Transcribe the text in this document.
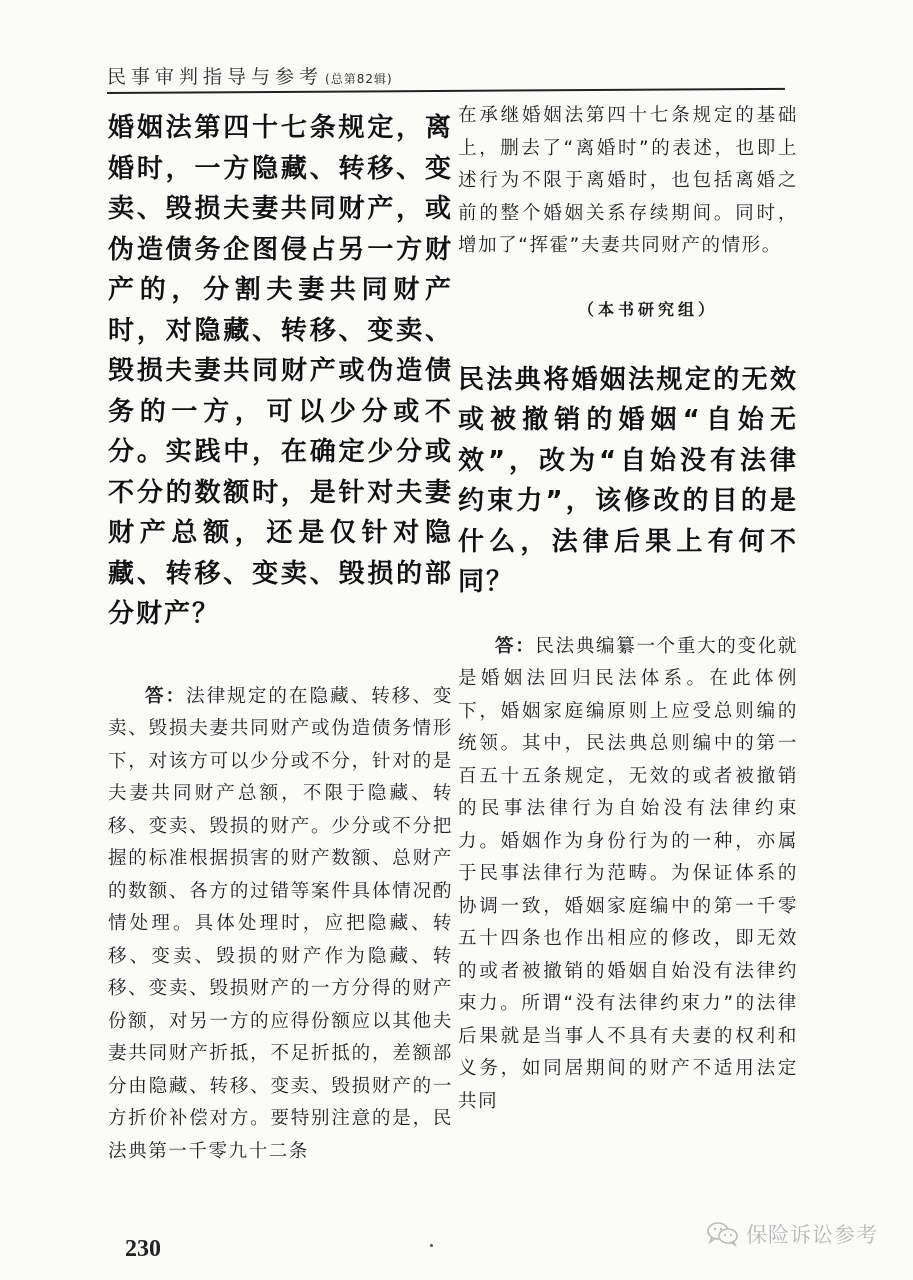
民事审判指导与参考 (总第82辑)

婚姻法第四十七条规定，离婚时，一方隐藏、转移、变卖、毁损夫妻共同财产，或伪造债务企图侵占另一方财产的，分割夫妻共同财产时，对隐藏、转移、变卖、毁损夫妻共同财产或伪造债务的一方，可以少分或不分。实践中，在确定少分或不分的数额时，是针对夫妻财产总额，还是仅针对隐藏、转移、变卖、毁损的部分财产？

答：法律规定的在隐藏、转移、变卖、毁损夫妻共同财产或伪造债务情形下，对该方可以少分或不分，针对的是夫妻共同财产总额，不限于隐藏、转移、变卖、毁损的财产。少分或不分把握的标准根据损害的财产数额、总财产的数额、各方的过错等案件具体情况酌情处理。具体处理时，应把隐藏、转移、变卖、毁损的财产作为隐藏、转移、变卖、毁损财产的一方分得的财产份额，对另一方的应得份额应以其他夫妻共同财产折抵，不足折抵的，差额部分由隐藏、转移、变卖、毁损财产的一方折价补偿对方。要特别注意的是，民法典第一千零九十二条

在承继婚姻法第四十七条规定的基础上，删去了“离婚时”的表述，也即上述行为不限于离婚时，也包括离婚之前的整个婚姻关系存续期间。同时，增加了“挥霍”夫妻共同财产的情形。

（本书研究组）

民法典将婚姻法规定的无效或被撤销的婚姻“自始无效”，改为“自始没有法律约束力”，该修改的目的是什么，法律后果上有何不同？

答：民法典编纂一个重大的变化就是婚姻法回归民法体系。在此体例下，婚姻家庭编原则上应受总则编的统领。其中，民法典总则编中的第一百五十五条规定，无效的或者被撤销的民事法律行为自始没有法律约束力。婚姻作为身份行为的一种，亦属于民事法律行为范畴。为保证体系的协调一致，婚姻家庭编中的第一千零五十四条也作出相应的修改，即无效的或者被撤销的婚姻自始没有法律约束力。所谓“没有法律约束力”的法律后果就是当事人不具有夫妻的权利和义务，如同居期间的财产不适用法定共同

230
保险诉讼参考
